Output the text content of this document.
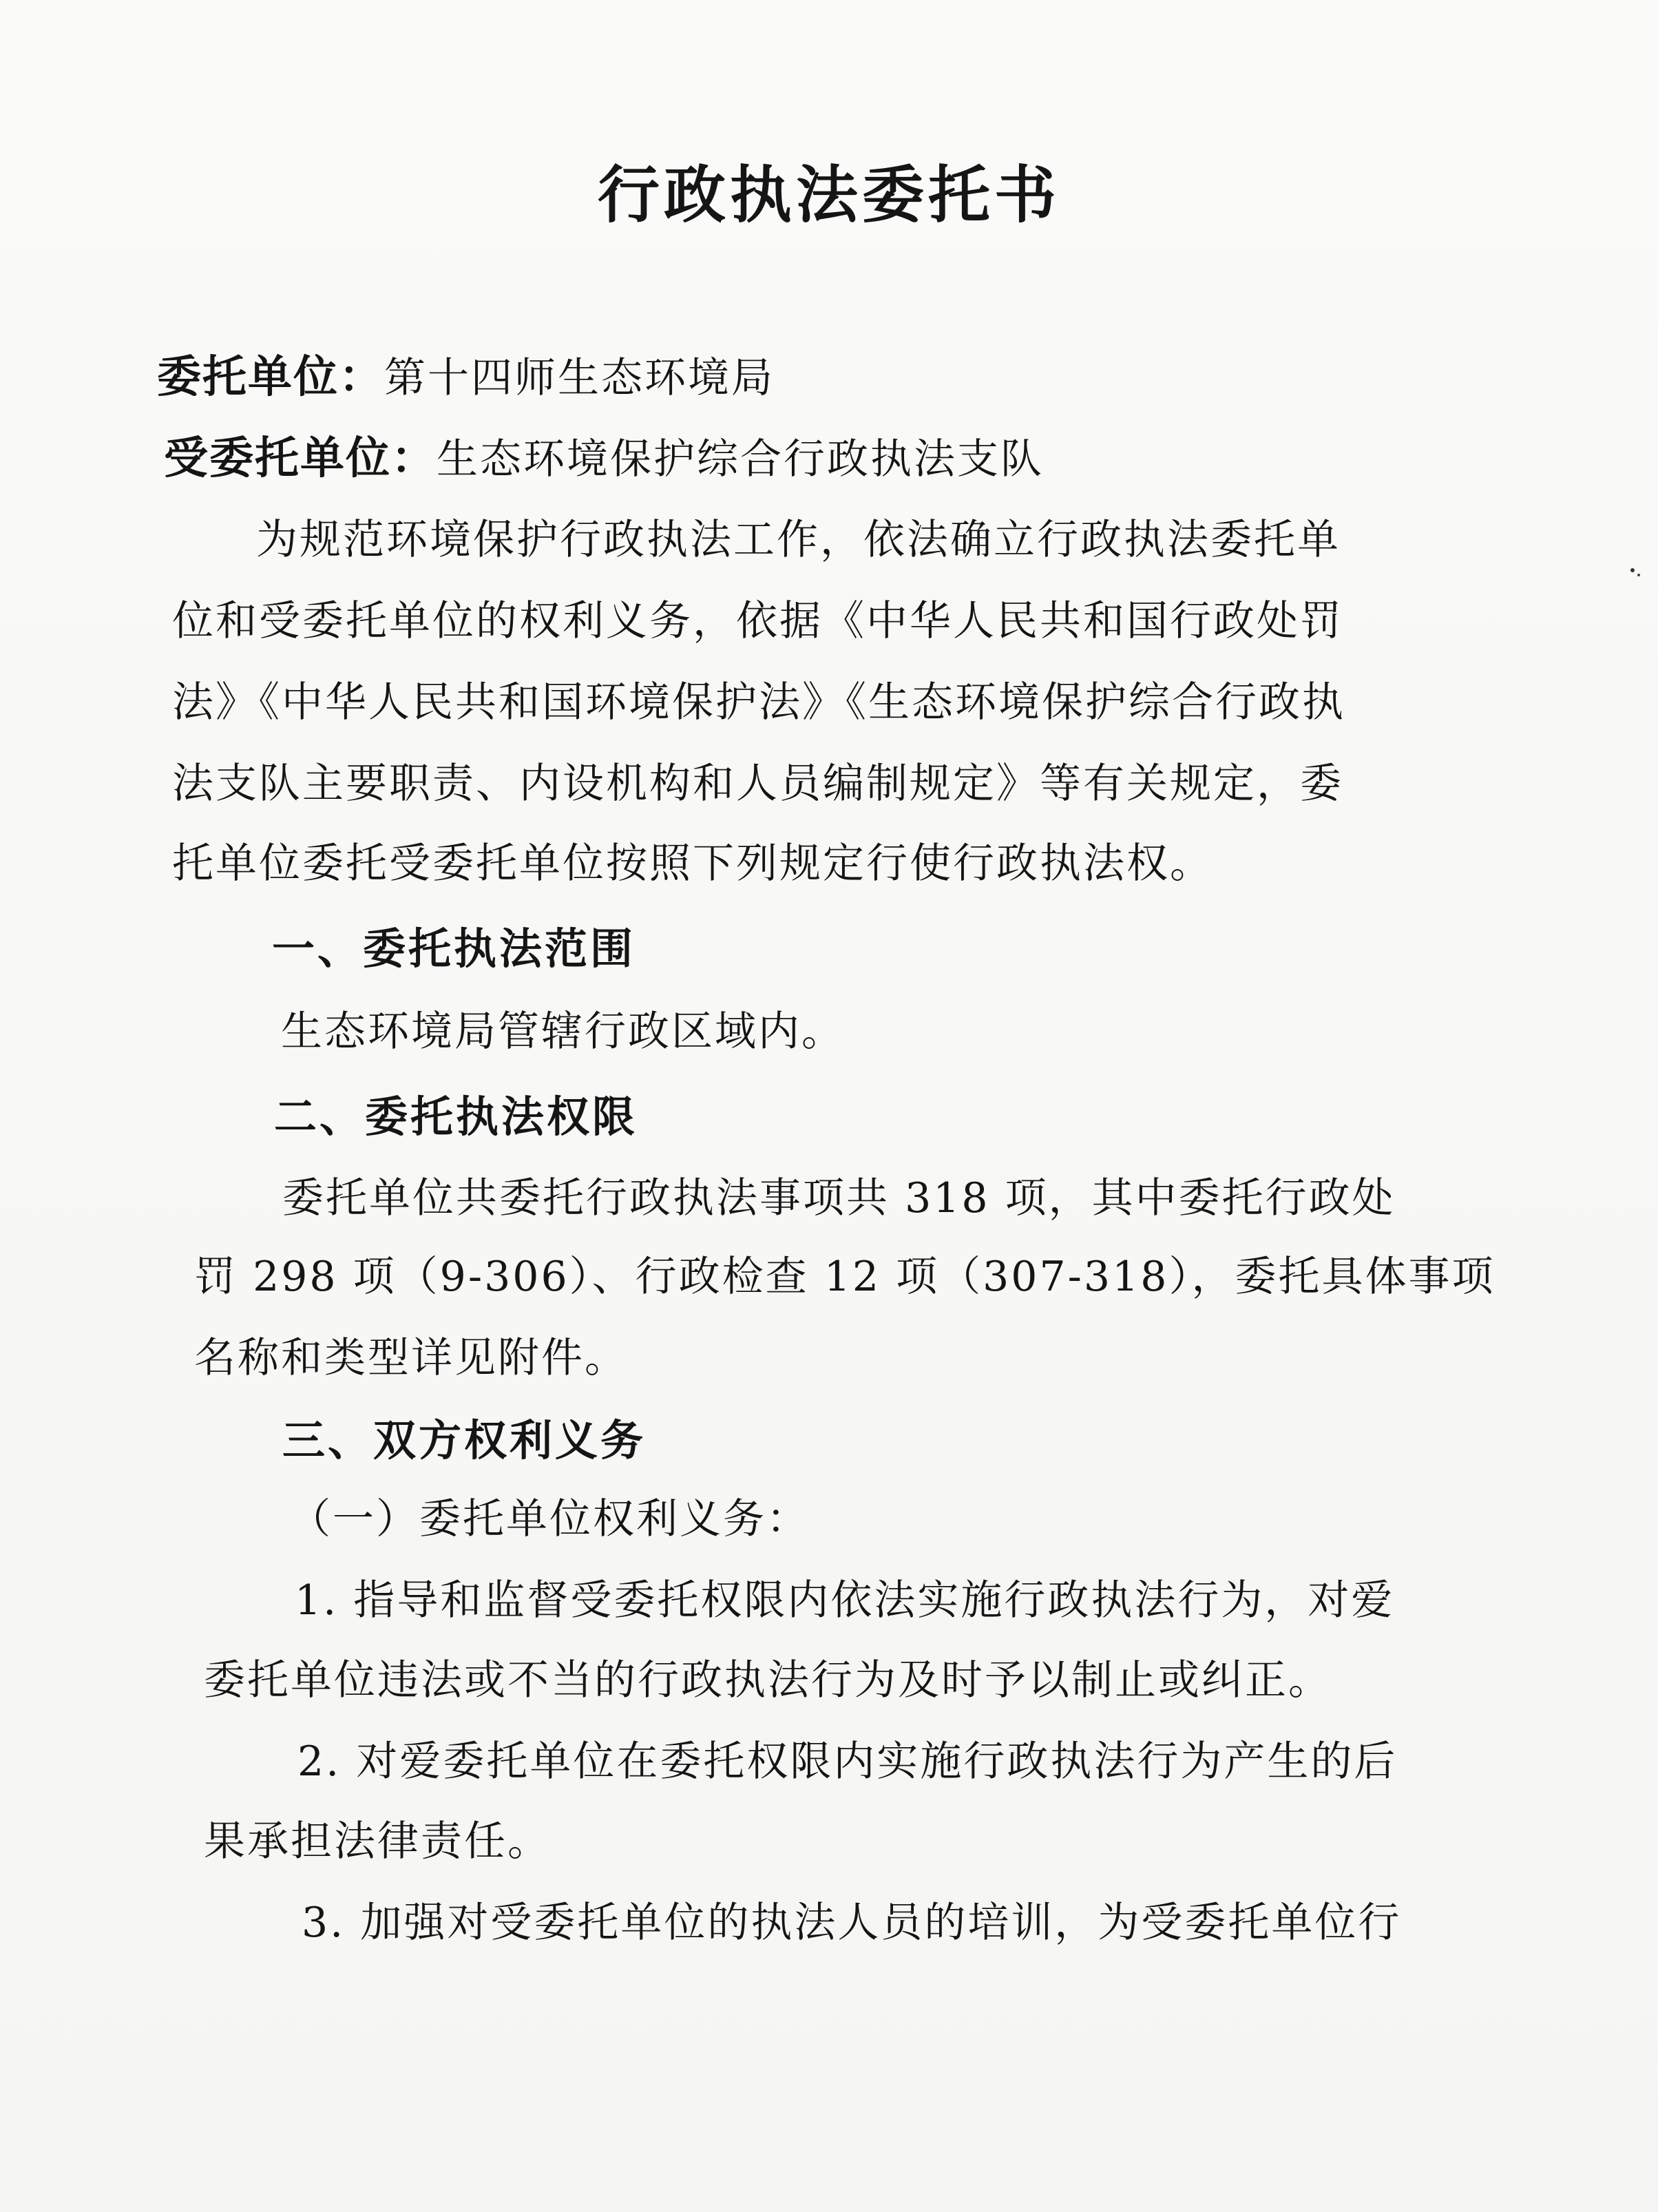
行政执法委托书
委托单位：第十四师生态环境局
受委托单位：生态环境保护综合行政执法支队
为规范环境保护行政执法工作，依法确立行政执法委托单
位和受委托单位的权利义务，依据《中华人民共和国行政处罚
法》《中华人民共和国环境保护法》《生态环境保护综合行政执
法支队主要职责、内设机构和人员编制规定》等有关规定，委
托单位委托受委托单位按照下列规定行使行政执法权。
一、委托执法范围
生态环境局管辖行政区域内。
二、委托执法权限
委托单位共委托行政执法事项共 318 项，其中委托行政处
罚 298 项（9-306）、行政检查 12 项（307-318），委托具体事项
名称和类型详见附件。
三、双方权利义务
（一）委托单位权利义务：
1. 指导和监督受委托权限内依法实施行政执法行为，对爱
委托单位违法或不当的行政执法行为及时予以制止或纠正。
2. 对爱委托单位在委托权限内实施行政执法行为产生的后
果承担法律责任。
3. 加强对受委托单位的执法人员的培训，为受委托单位行
